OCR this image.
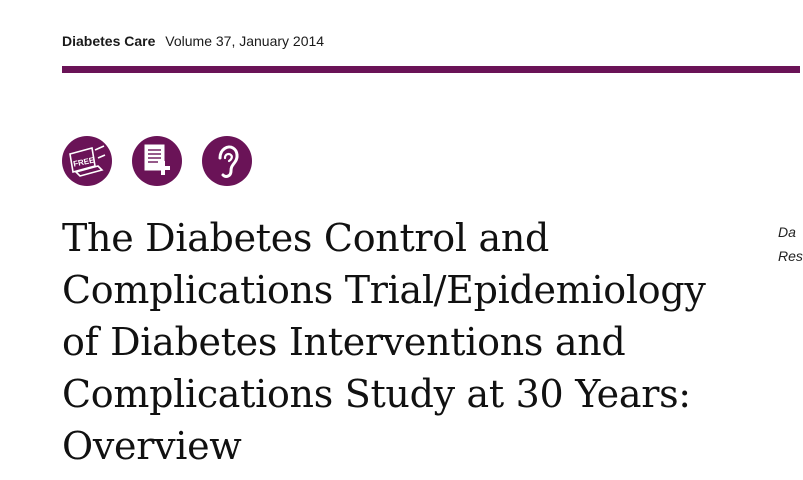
Diabetes Care Volume 37, January 2014
FREE
The Diabetes Control and
Complications Trial/Epidemiology
of Diabetes Interventions and
Complications Study at 30 Years:
Overview
Da
Res
